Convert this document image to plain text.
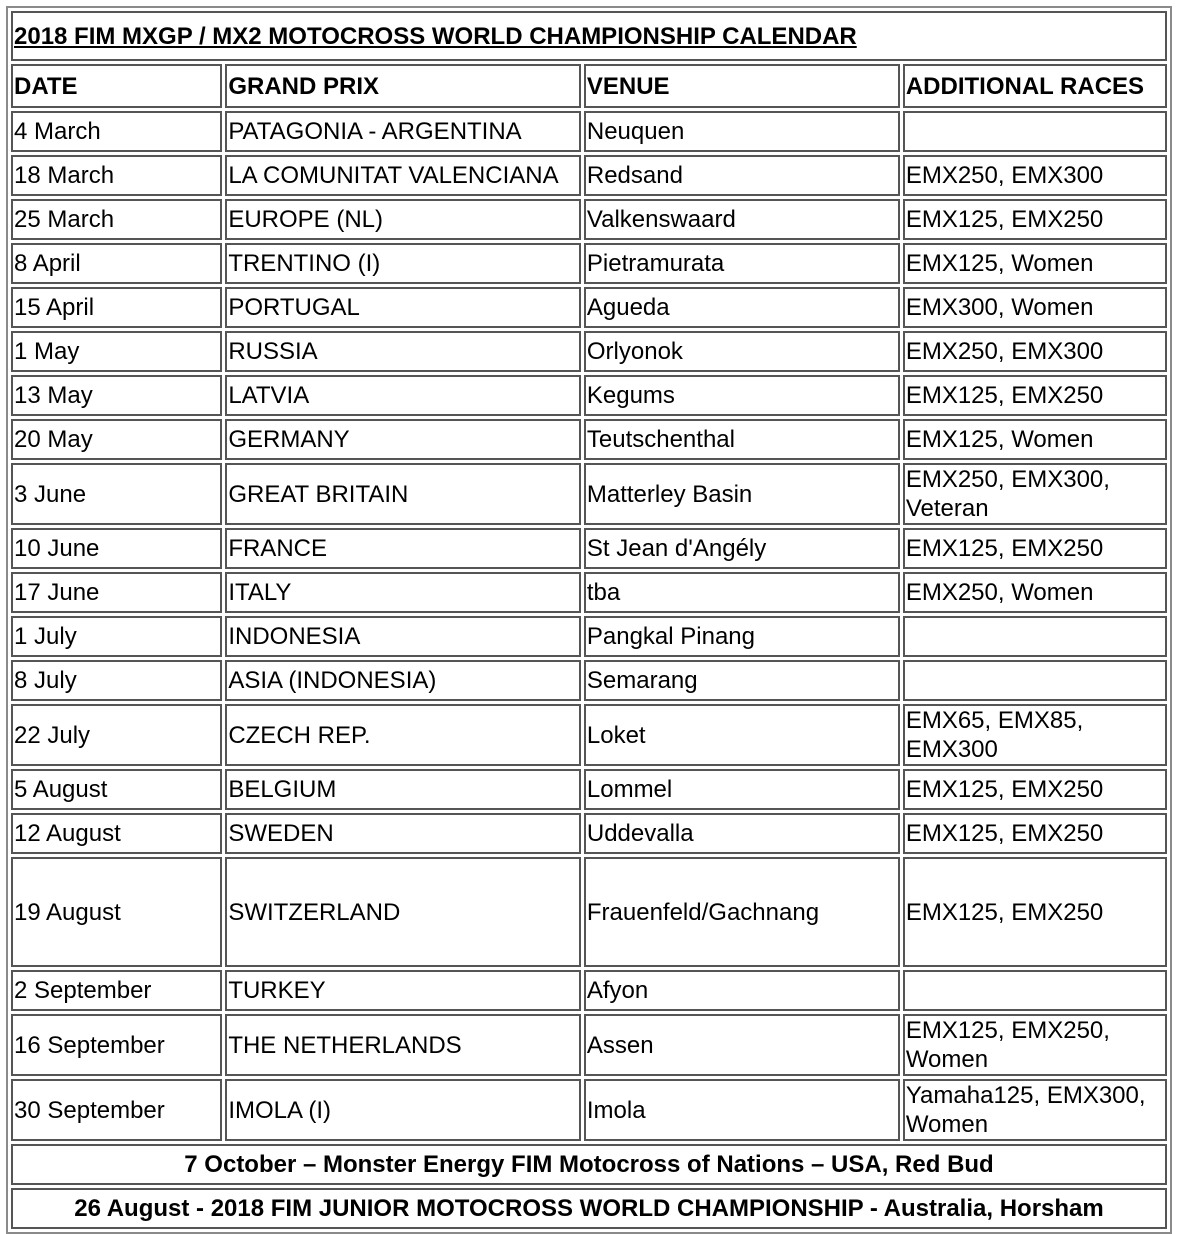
2018 FIM MXGP / MX2 MOTOCROSS WORLD CHAMPIONSHIP CALENDAR			
DATE	GRAND PRIX	VENUE	ADDITIONAL RACES
4 March	PATAGONIA - ARGENTINA	Neuquen	
18 March	LA COMUNITAT VALENCIANA	Redsand	EMX250, EMX300
25 March	EUROPE (NL)	Valkenswaard	EMX125, EMX250
8 April	TRENTINO (I)	Pietramurata	EMX125, Women
15 April	PORTUGAL	Agueda	EMX300, Women
1 May	RUSSIA	Orlyonok	EMX250, EMX300
13 May	LATVIA	Kegums	EMX125, EMX250
20 May	GERMANY	Teutschenthal	EMX125, Women
3 June	GREAT BRITAIN	Matterley Basin	EMX250, EMX300, Veteran
10 June	FRANCE	St Jean d'Angély	EMX125, EMX250
17 June	ITALY	tba	EMX250, Women
1 July	INDONESIA	Pangkal Pinang	
8 July	ASIA (INDONESIA)	Semarang	
22 July	CZECH REP.	Loket	EMX65, EMX85, EMX300
5 August	BELGIUM	Lommel	EMX125, EMX250
12 August	SWEDEN	Uddevalla	EMX125, EMX250
19 August	SWITZERLAND	Frauenfeld/Gachnang	EMX125, EMX250
2 September	TURKEY	Afyon	
16 September	THE NETHERLANDS	Assen	EMX125, EMX250, Women
30 September	IMOLA (I)	Imola	Yamaha125, EMX300, Women
7 October – Monster Energy FIM Motocross of Nations – USA, Red Bud			
26 August - 2018 FIM JUNIOR MOTOCROSS WORLD CHAMPIONSHIP - Australia, Horsham			
